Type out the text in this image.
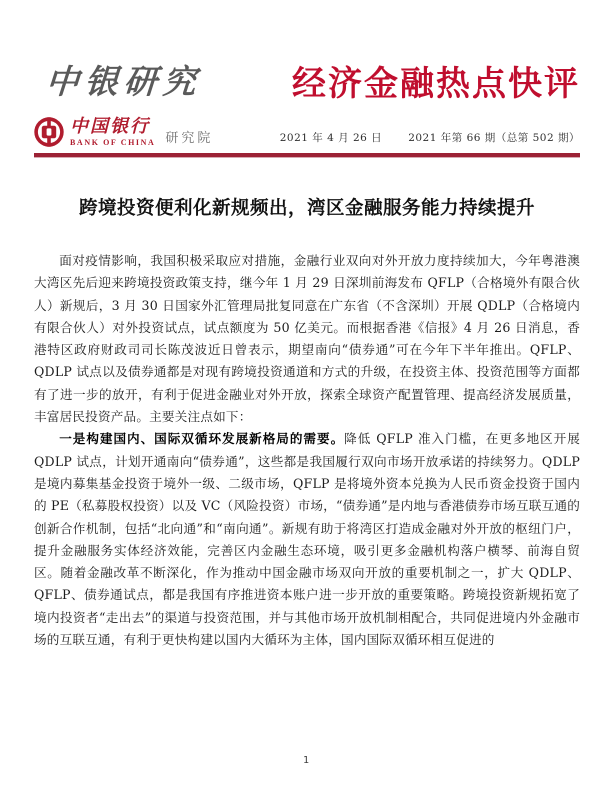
中银研究	经济金融热点快评
中国银行
BANK OF CHINA 研究院	2021 年 4 月 26 日 2021 年第 66 期（总第 502 期）
跨境投资便利化新规频出，湾区金融服务能力持续提升

面对疫情影响，我国积极采取应对措施，金融行业双向对外开放力度持续加大，今年粤港澳大湾区先后迎来跨境投资政策支持，继今年 1 月 29 日深圳前海发布 QFLP（合格境外有限合伙人）新规后，3 月 30 日国家外汇管理局批复同意在广东省（不含深圳）开展 QDLP（合格境内有限合伙人）对外投资试点，试点额度为 50 亿美元。而根据香港《信报》4 月 26 日消息，香港特区政府财政司司长陈茂波近日曾表示，期望南向“债券通”可在今年下半年推出。QFLP、QDLP 试点以及债券通都是对现有跨境投资通道和方式的升级，在投资主体、投资范围等方面都有了进一步的放开，有利于促进金融业对外开放，探索全球资产配置管理、提高经济发展质量，丰富居民投资产品。主要关注点如下：

一是构建国内、国际双循环发展新格局的需要。降低 QFLP 准入门槛，在更多地区开展 QDLP 试点，计划开通南向“债券通”，这些都是我国履行双向市场开放承诺的持续努力。QDLP 是境内募集基金投资于境外一级、二级市场，QFLP 是将境外资本兑换为人民币资金投资于国内的 PE（私募股权投资）以及 VC（风险投资）市场，“债券通”是内地与香港债券市场互联互通的创新合作机制，包括“北向通”和“南向通”。新规有助于将湾区打造成金融对外开放的枢纽门户，提升金融服务实体经济效能，完善区内金融生态环境，吸引更多金融机构落户横琴、前海自贸区。随着金融改革不断深化，作为推动中国金融市场双向开放的重要机制之一，扩大 QDLP、QFLP、债券通试点，都是我国有序推进资本账户进一步开放的重要策略。跨境投资新规拓宽了境内投资者“走出去”的渠道与投资范围，并与其他市场开放机制相配合，共同促进境内外金融市场的互联互通，有利于更快构建以国内大循环为主体，国内国际双循环相互促进的

1
